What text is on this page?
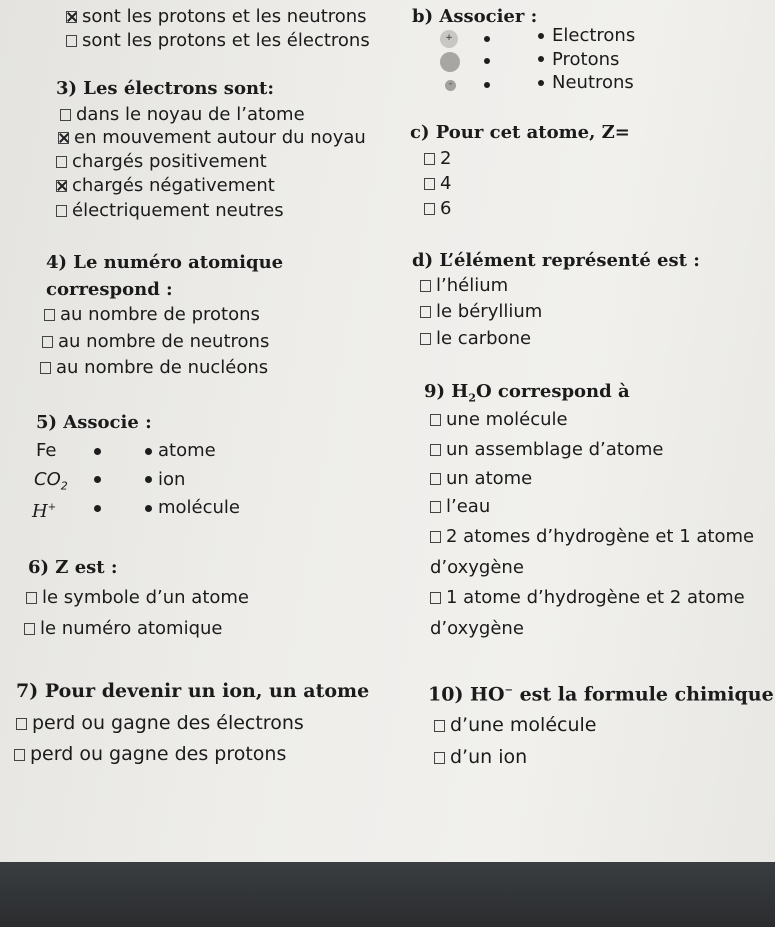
sont les protons et les neutrons
sont les protons et les électrons
3) Les électrons sont:
dans le noyau de l’atome
en mouvement autour du noyau
chargés positivement
chargés négativement
électriquement neutres
4) Le numéro atomique
correspond :
au nombre de protons
au nombre de neutrons
au nombre de nucléons
5) Associe :
Fe
$CO_2$
H+
atome
ion
molécule
6) Z est :
le symbole d’un atome
le numéro atomique
7) Pour devenir un ion, un atome
perd ou gagne des électrons
perd ou gagne des protons
b) Associer :
+
-
Electrons
Protons
Neutrons
c) Pour cet atome, Z=
2
4
6
d) L’élément représenté est :
l’hélium
le béryllium
le carbone
9) $H_2O$ correspond à
une molécule
un assemblage d’atome
un atome
l’eau
2 atomes d’hydrogène et 1 atome
d’oxygène
1 atome d’hydrogène et 2 atome
d’oxygène
10) HO− est la formule chimique
d’une molécule
d’un ion
